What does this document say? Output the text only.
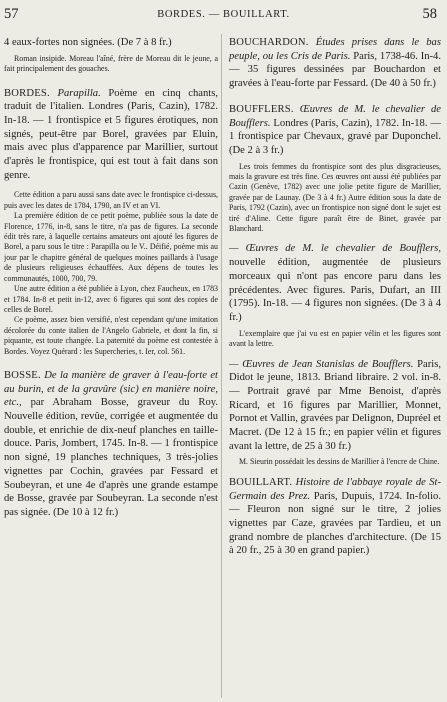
57	BORDES. — BOUILLART.	58

4 eaux-fortes non signées. (De 7 à 8 fr.)

Roman insipide. Moreau l'aîné, frère de Moreau dit le jeune, a fait principalement des gouaches.

BORDES. Parapilla. Poème en cinq chants, traduit de l'italien. Londres (Paris, Cazin), 1782. In-18. — 1 frontispice et 5 figures érotiques, non signés, peut-être par Borel, gravées par Eluin, mais avec plus d'apparence par Marillier, surtout d'après le frontispice, qui est tout à fait dans son genre.

Cette édition a paru aussi sans date avec le frontispice ci-dessus, puis avec les dates de 1784, 1790, an IV et an VI.

La première édition de ce petit poème, publiée sous la date de Florence, 1776, in-8, sans le titre, n'a pas de figures. La seconde édit très rare, à laquelle certains amateurs ont ajouté les figures de Borel, a paru sous le titre : Parapilla ou le V.. Déifié, poème mis au jour par le chapitre général de quelques moines paillards à l'usage de plusieurs religieuses échauffées. Aux dépens de toutes les communautés, 1000, 700, 79.

Une autre édition a été publiée à Lyon, chez Faucheux, en 1783 et 1784. In-8 et petit in-12, avec 6 figures qui sont des copies de celles de Borel.

Ce poème, assez bien versifié, n'est cependant qu'une imitation décolorée du conte italien de l'Angelo Gabriele, et dont la fin, si piquante, est toute changée. La paternité du poème est contestée à Bordes. Voyez Quérard : les Supercheries, t. Ier, col. 561.

BOSSE. De la manière de graver à l'eau-forte et au burin, et de la gravûre (sic) en manière noire, etc., par Abraham Bosse, graveur du Roy. Nouvelle édition, revûe, corrigée et augmentée du double, et enrichie de dix-neuf planches en taille-douce. Paris, Jombert, 1745. In-8. — 1 frontispice non signé, 19 planches techniques, 3 très-jolies vignettes par Cochin, gravées par Fessard et Soubeyran, et une 4e d'après une grande estampe de Bosse, gravée par Soubeyran. La seconde n'est pas signée. (De 10 à 12 fr.)

BOUCHARDON. Études prises dans le bas peuple, ou les Cris de Paris. Paris, 1738-46. In-4. — 35 figures dessinées par Bouchardon et gravées à l'eau-forte par Fessard. (De 40 à 50 fr.)

BOUFFLERS. Œuvres de M. le chevalier de Boufflers. Londres (Paris, Cazin), 1782. In-18. — 1 frontispice par Chevaux, gravé par Duponchel. (De 2 à 3 fr.)

Les trois femmes du frontispice sont des plus disgracieuses, mais la gravure est très fine. Ces œuvres ont aussi été publiées par Cazin (Genève, 1782) avec une jolie petite figure de Marillier, gravée par de Launay. (De 3 à 4 fr.) Autre édition sous la date de Paris, 1792 (Cazin), avec un frontispice non signé dont le sujet est tiré d'Aline. Cette figure paraît être de Binet, gravée par Blanchard.

— Œuvres de M. le chevalier de Boufflers, nouvelle édition, augmentée de plusieurs morceaux qui n'ont pas encore paru dans les précédentes. Avec figures. Paris, Dufart, an III (1795). In-18. — 4 figures non signées. (De 3 à 4 fr.)

L'exemplaire que j'ai vu est en papier vélin et les figures sont avant la lettre.

— Œuvres de Jean Stanislas de Boufflers. Paris, Didot le jeune, 1813. Briand libraire. 2 vol. in-8. — Portrait gravé par Mme Benoist, d'après Ricard, et 16 figures par Marillier, Monnet, Pornot et Vallin, gravées par Delignon, Dupréel et Macret. (De 12 à 15 fr.; en papier vélin et figures avant la lettre, de 25 à 30 fr.)

M. Sieurin possédait les dessins de Marillier à l'encre de Chine.

BOUILLART. Histoire de l'abbaye royale de St-Germain des Prez. Paris, Dupuis, 1724. In-folio. — Fleuron non signé sur le titre, 2 jolies vignettes par Caze, gravées par Tardieu, et un grand nombre de planches d'architecture. (De 15 à 20 fr., 25 à 30 en grand papier.)
